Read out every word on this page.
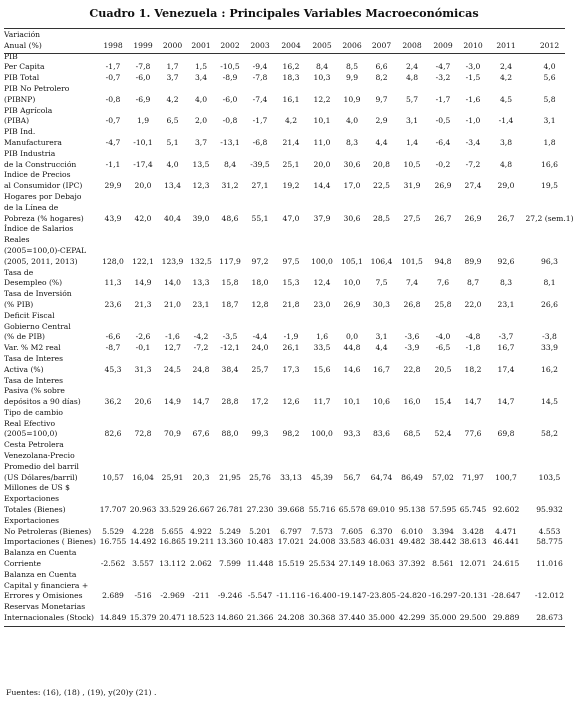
Cuadro 1. Venezuela : Principales Variables Macroeconómicas
Variación
Anual (%)	1998	1999	2000	2001	2002	2003	2004	2005	2006	2007	2008	2009	2010	2011	2012

PIB
Per Capita	-1,7	-7,8	1,7	1,5	-10,5	-9,4	16,2	8,4	8,5	6,6	2,4	-4,7	-3,0	2,4	4,0

PIB Total	-0,7	-6,0	3,7	3,4	-8,9	-7,8	18,3	10,3	9,9	8,2	4,8	-3,2	-1,5	4,2	5,6

PIB No Petrolero
(PIBNP)	-0,8	-6,9	4,2	4,0	-6,0	-7,4	16,1	12,2	10,9	9,7	5,7	-1,7	-1,6	4,5	5,8

PIB Agrícola
(PIBA)	-0,7	1,9	6,5	2,0	-0,8	-1,7	4,2	10,1	4,0	2,9	3,1	-0,5	-1,0	-1,4	3,1

PIB Ind.
Manufacturera	-4,7	-10,1	5,1	3,7	-13,1	-6,8	21,4	11,0	8,3	4,4	1,4	-6,4	-3,4	3,8	1,8

PIB Industria
de la Construcción	-1,1	-17,4	4,0	13,5	8,4	-39,5	25,1	20,0	30,6	20,8	10,5	-0,2	-7,2	4,8	16,6

Indice de Precios
al Consumidor (IPC)	29,9	20,0	13,4	12,3	31,2	27,1	19,2	14,4	17,0	22,5	31,9	26,9	27,4	29,0	19,5

Hogares por Debajo
de la Línea de
Pobreza (% hogares)	43,9	42,0	40,4	39,0	48,6	55,1	47,0	37,9	30,6	28,5	27,5	26,7	26,9	26,7	27,2 (sem.1)

Índice de Salarios
Reales
(2005=100,0)-CEPAL
(2005, 2011, 2013)	128,0	122,1	123,9	132,5	117,9	97,2	97,5	100,0	105,1	106,4	101,5	94,8	89,9	92,6	96,3

Tasa de
Desempleo (%)	11,3	14,9	14,0	13,3	15,8	18,0	15,3	12,4	10,0	7,5	7,4	7,6	8,7	8,3	8,1

Tasa de Inversión
(% PIB)	23,6	21,3	21,0	23,1	18,7	12,8	21,8	23,0	26,9	30,3	26,8	25,8	22,0	23,1	26,6

Deficit Fiscal
Gobierno Central
(% de PIB)	-6,6	-2,6	-1,6	-4,2	-3,5	-4,4	-1,9	1,6	0,0	3,1	-3,6	-4,0	-4,8	-3,7	-3,8

Var. % M2 real	-8,7	-0,1	12,7	-7,2	-12,1	24,0	26,1	33,5	44,8	4,4	-3,9	-6,5	-1,8	16,7	33,9

Tasa de Interes
Activa (%)	45,3	31,3	24,5	24,8	38,4	25,7	17,3	15,6	14,6	16,7	22,8	20,5	18,2	17,4	16,2

Tasa de Interes
Pasiva (% sobre
depósitos a 90 días)	36,2	20,6	14,9	14,7	28,8	17,2	12,6	11,7	10,1	10,6	16,0	15,4	14,7	14,7	14,5

Tipo de cambio
Real Efectivo
(2005=100,0)	82,6	72,8	70,9	67,6	88,0	99,3	98,2	100,0	93,3	83,6	68,5	52,4	77,6	69,8	58,2

Cesta Petrolera
Venezolana-Precio
Promedio del barril
(US Dólares/barril)	10,57	16,04	25,91	20,3	21,95	25,76	33,13	45,39	56,7	64,74	86,49	57,02	71,97	100,7	103,5

Millones de US $
Exportaciones
Totales (Bienes)	17.707	20.963	33.529	26.667	26.781	27.230	39.668	55.716	65.578	69.010	95.138	57.595	65.745	92.602	95.932

Exportaciones
No Petroleras (Bienes)	5.529	4.228	5.655	4.922	5.249	5.201	6.797	7.573	7.605	6.370	6.010	3.394	3.428	4.471	4.553

Importaciones ( Bienes)	16.755	14.492	16.865	19.211	13.360	10.483	17.021	24.008	33.583	46.031	49.482	38.442	38.613	46.441	58.775

Balanza en Cuenta
Corriente	-2.562	3.557	13.112	2.062	7.599	11.448	15.519	25.534	27.149	18.063	37.392	8.561	12.071	24.615	11.016

Balanza en Cuenta
Capital y financiera +
Errores y Omisiones	2.689	-516	-2.969	-211	-9.246	-5.547	-11.116	-16.400	-19.147	-23.805	-24.820	-16.297	-20.131	-28.647	-12.012

Reservas Monetarias
Internacionales (Stock)	14.849	15.379	20.471	18.523	14.860	21.366	24.208	30.368	37.440	35.000	42.299	35.000	29.500	29.889	28.673
Fuentes: (16), (18) , (19), y(20)y (21) .
